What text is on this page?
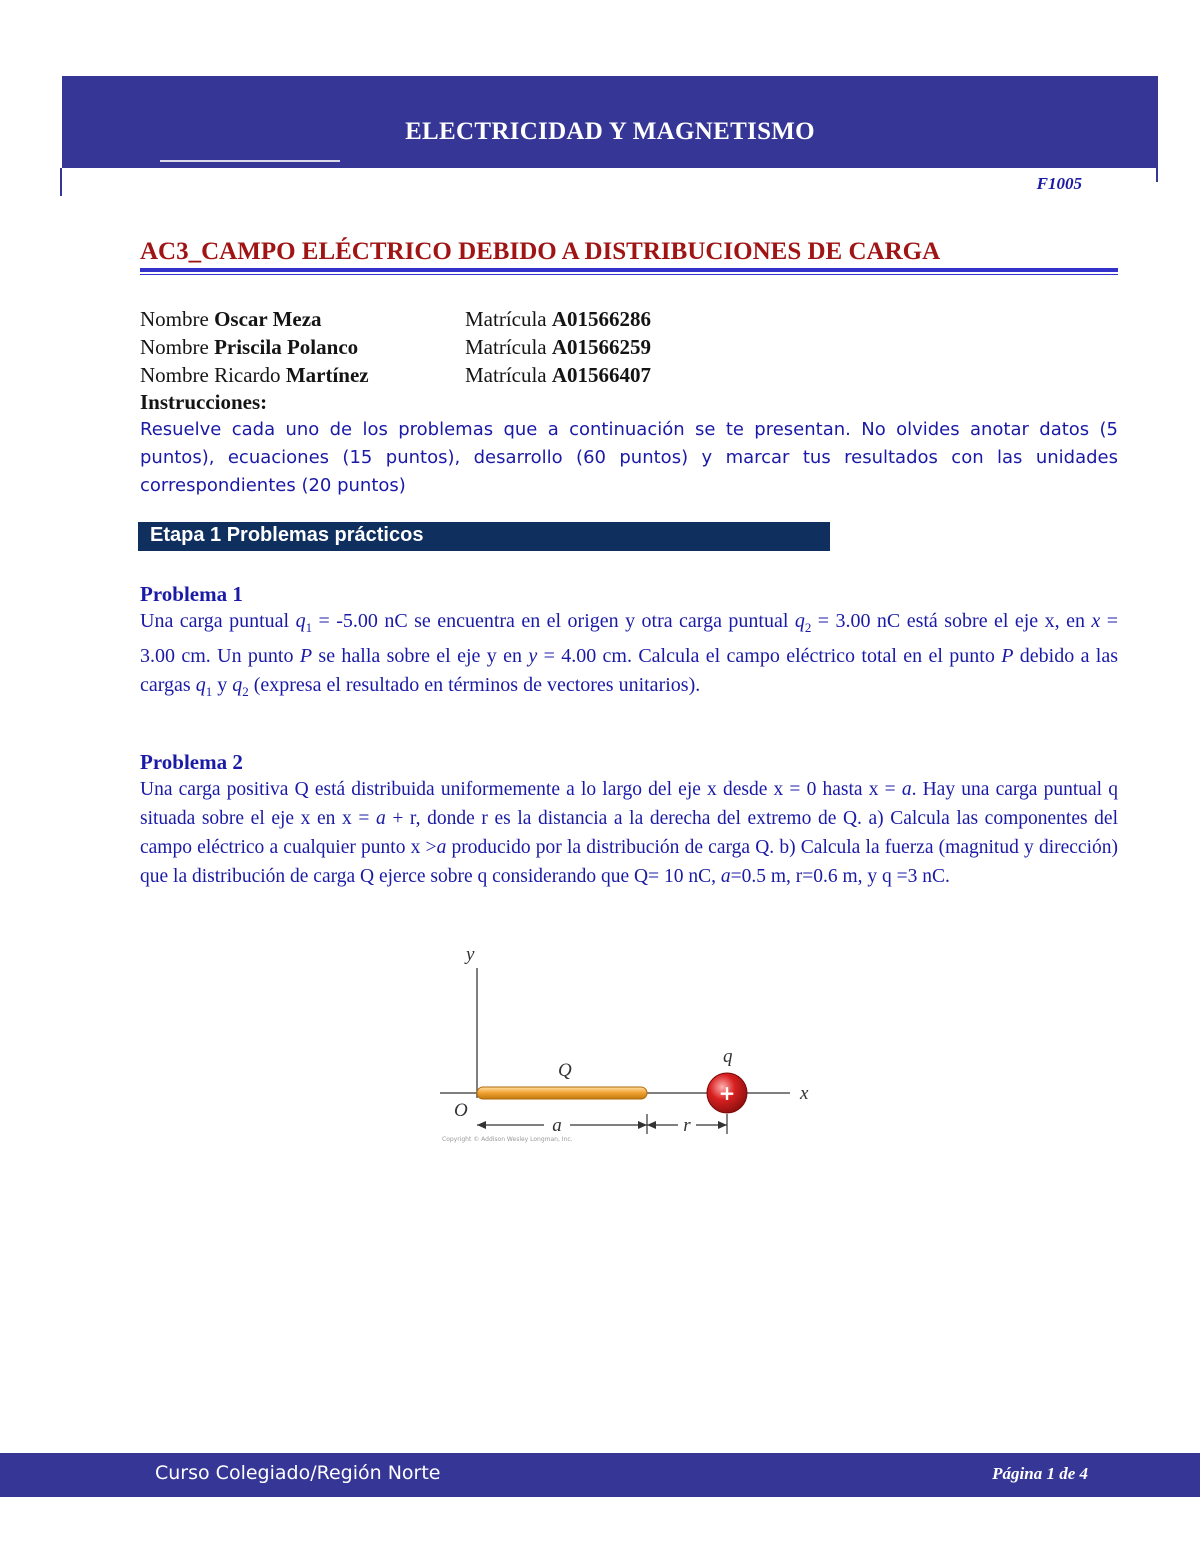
ELECTRICIDAD Y MAGNETISMO
F1005
AC3_CAMPO ELÉCTRICO DEBIDO A DISTRIBUCIONES DE CARGA
Nombre Oscar Meza	Matrícula A01566286
Nombre Priscila Polanco	Matrícula A01566259
Nombre Ricardo Martínez	Matrícula A01566407
Instrucciones:
Resuelve cada uno de los problemas que a continuación se te presentan. No olvides anotar datos (5 puntos), ecuaciones (15 puntos), desarrollo (60 puntos) y marcar tus resultados con las unidades correspondientes (20 puntos)
Etapa 1 Problemas prácticos
Problema 1
Una carga puntual $q_1 = -5.00$ nC se encuentra en el origen y otra carga puntual $q_2 = 3.00$ nC está sobre el eje x, en x = 3.00 cm. Un punto P se halla sobre el eje y en y = 4.00 cm. Calcula el campo eléctrico total en el punto P debido a las cargas $q_1$ y $q_2$ (expresa el resultado en términos de vectores unitarios).
Problema 2
Una carga positiva Q está distribuida uniformemente a lo largo del eje x desde x = 0 hasta x = a. Hay una carga puntual q situada sobre el eje x en x = a + r, donde r es la distancia a la derecha del extremo de Q. a) Calcula las componentes del campo eléctrico a cualquier punto x >a producido por la distribución de carga Q. b) Calcula la fuerza (magnitud y dirección) que la distribución de carga Q ejerce sobre q considerando que Q= 10 nC, a=0.5 m, r=0.6 m, y q =3 nC.
y
x
O
Q
+
q
a	r
Copyright © Addison Wesley Longman, Inc.
Curso Colegiado/Región Norte	Página 1 de 4
